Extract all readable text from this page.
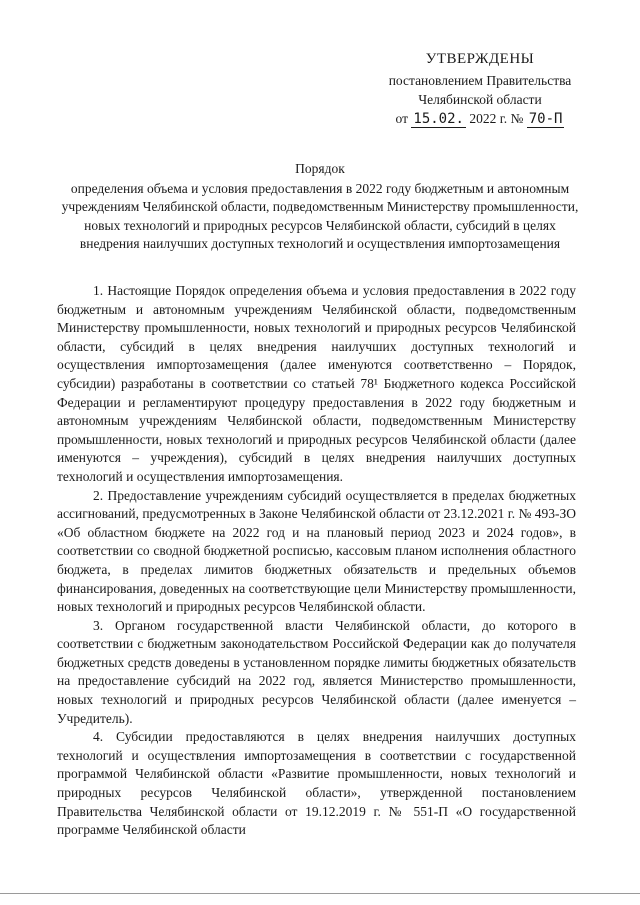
УТВЕРЖДЕНЫ
постановлением Правительства
Челябинской области
от 15.02. 2022 г. № 70-П
Порядок
определения объема и условия предоставления в 2022 году бюджетным и автономным учреждениям Челябинской области, подведомственным Министерству промышленности, новых технологий и природных ресурсов Челябинской области, субсидий в целях внедрения наилучших доступных технологий и осуществления импортозамещения

1. Настоящие Порядок определения объема и условия предоставления в 2022 году бюджетным и автономным учреждениям Челябинской области, подведомственным Министерству промышленности, новых технологий и природных ресурсов Челябинской области, субсидий в целях внедрения наилучших доступных технологий и осуществления импортозамещения (далее именуются соответственно – Порядок, субсидии) разработаны в соответствии со статьей 78¹ Бюджетного кодекса Российской Федерации и регламентируют процедуру предоставления в 2022 году бюджетным и автономным учреждениям Челябинской области, подведомственным Министерству промышленности, новых технологий и природных ресурсов Челябинской области (далее именуются – учреждения), субсидий в целях внедрения наилучших доступных технологий и осуществления импортозамещения.

2. Предоставление учреждениям субсидий осуществляется в пределах бюджетных ассигнований, предусмотренных в Законе Челябинской области от 23.12.2021 г. № 493-ЗО «Об областном бюджете на 2022 год и на плановый период 2023 и 2024 годов», в соответствии со сводной бюджетной росписью, кассовым планом исполнения областного бюджета, в пределах лимитов бюджетных обязательств и предельных объемов финансирования, доведенных на соответствующие цели Министерству промышленности, новых технологий и природных ресурсов Челябинской области.

3. Органом государственной власти Челябинской области, до которого в соответствии с бюджетным законодательством Российской Федерации как до получателя бюджетных средств доведены в установленном порядке лимиты бюджетных обязательств на предоставление субсидий на 2022 год, является Министерство промышленности, новых технологий и природных ресурсов Челябинской области (далее именуется – Учредитель).

4. Субсидии предоставляются в целях внедрения наилучших доступных технологий и осуществления импортозамещения в соответствии с государственной программой Челябинской области «Развитие промышленности, новых технологий и природных ресурсов Челябинской области», утвержденной постановлением Правительства Челябинской области от 19.12.2019 г. № 551-П «О государственной программе Челябинской области
